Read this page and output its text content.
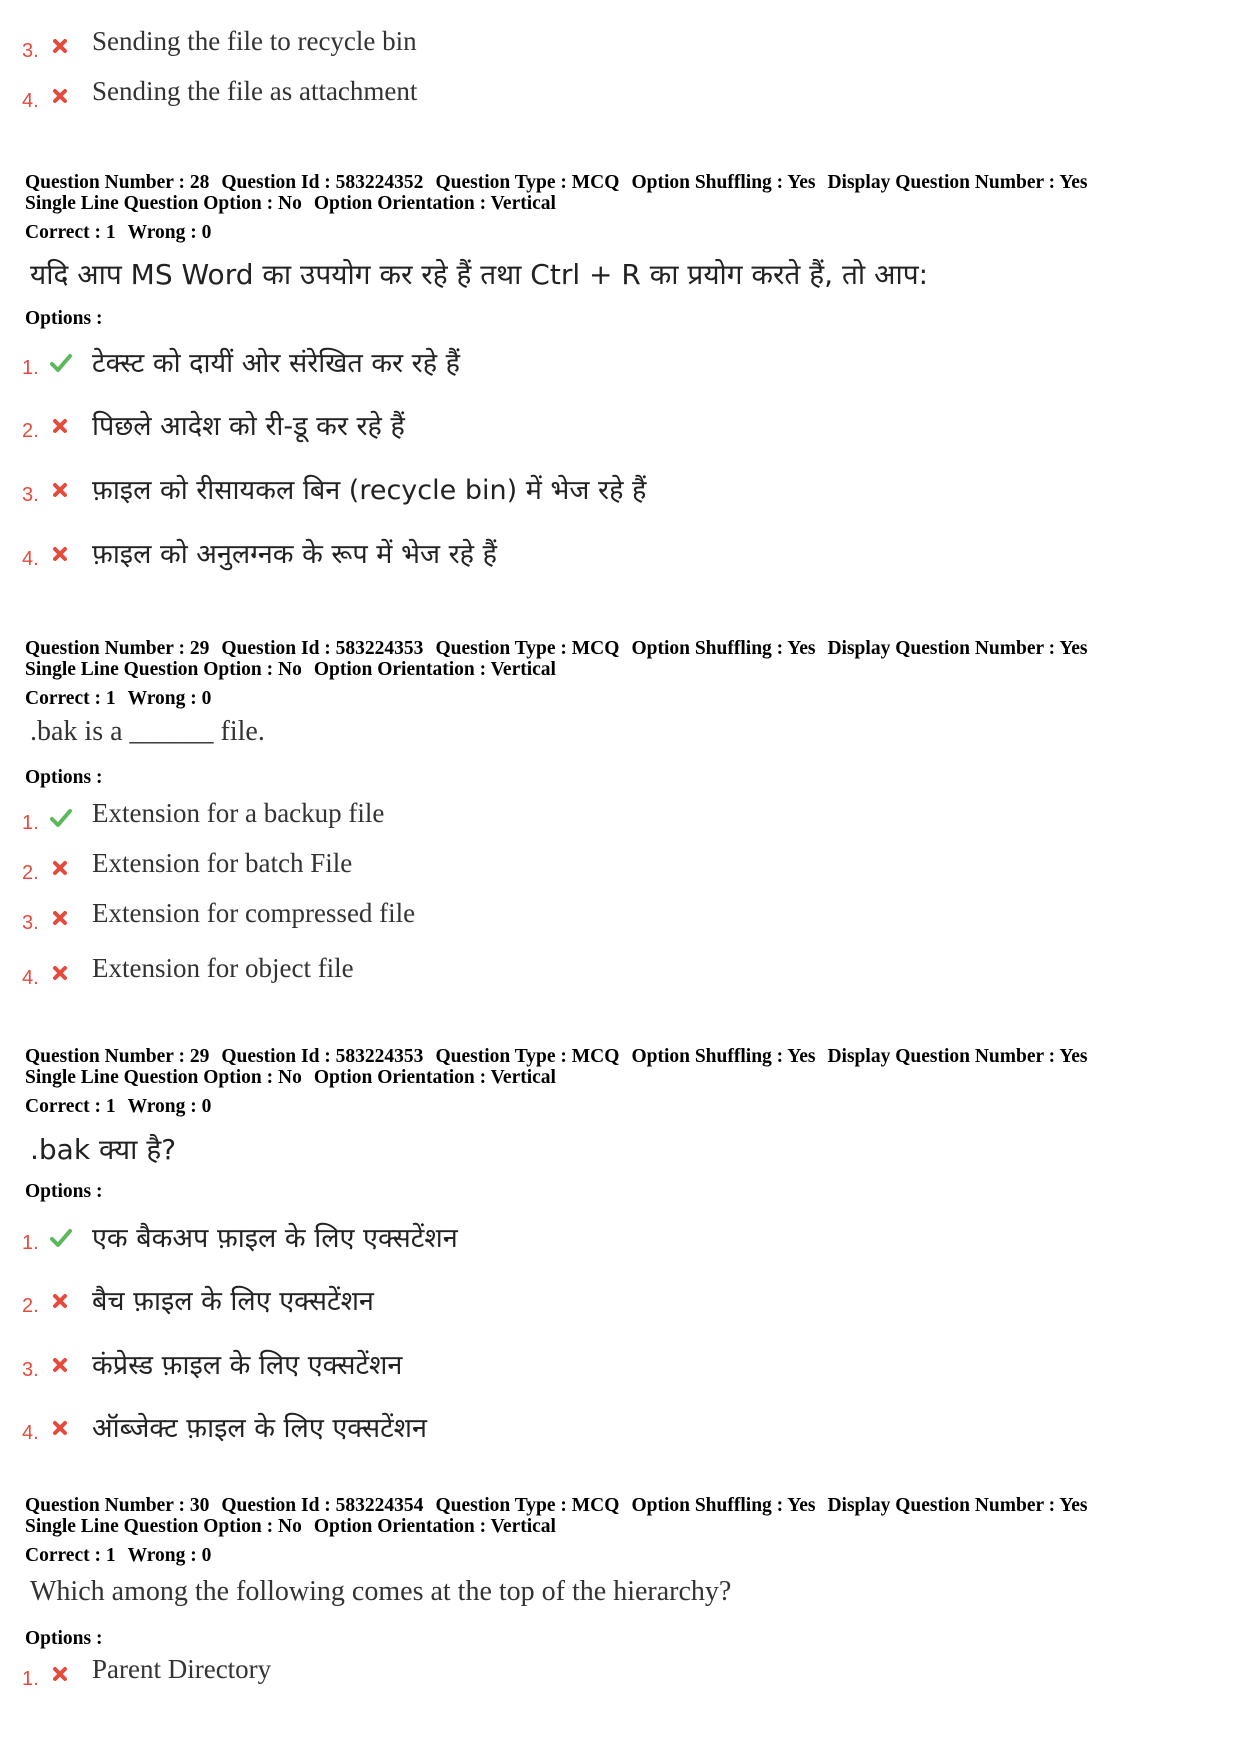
3. Sending the file to recycle bin
4. Sending the file as attachment
Question Number : 28 Question Id : 583224352 Question Type : MCQ Option Shuffling : Yes Display Question Number : Yes
Single Line Question Option : No Option Orientation : Vertical
Correct : 1 Wrong : 0
यदि आप MS Word का उपयोग कर रहे हैं तथा Ctrl + R का प्रयोग करते हैं, तो आप:
Options :
1. टेक्स्ट को दायीं ओर संरेखित कर रहे हैं
2. पिछले आदेश को री-डू कर रहे हैं
3. फ़ाइल को रीसायकल बिन (recycle bin) में भेज रहे हैं
4. फ़ाइल को अनुलग्नक के रूप में भेज रहे हैं
Question Number : 29 Question Id : 583224353 Question Type : MCQ Option Shuffling : Yes Display Question Number : Yes
Single Line Question Option : No Option Orientation : Vertical
Correct : 1 Wrong : 0
.bak is a ______ file.
Options :
1. Extension for a backup file
2. Extension for batch File
3. Extension for compressed file
4. Extension for object file
Question Number : 29 Question Id : 583224353 Question Type : MCQ Option Shuffling : Yes Display Question Number : Yes
Single Line Question Option : No Option Orientation : Vertical
Correct : 1 Wrong : 0
.bak क्या है?
Options :
1. एक बैकअप फ़ाइल के लिए एक्सटेंशन
2. बैच फ़ाइल के लिए एक्सटेंशन
3. कंप्रेस्ड फ़ाइल के लिए एक्सटेंशन
4. ऑब्जेक्ट फ़ाइल के लिए एक्सटेंशन
Question Number : 30 Question Id : 583224354 Question Type : MCQ Option Shuffling : Yes Display Question Number : Yes
Single Line Question Option : No Option Orientation : Vertical
Correct : 1 Wrong : 0
Which among the following comes at the top of the hierarchy?
Options :
1. Parent Directory
